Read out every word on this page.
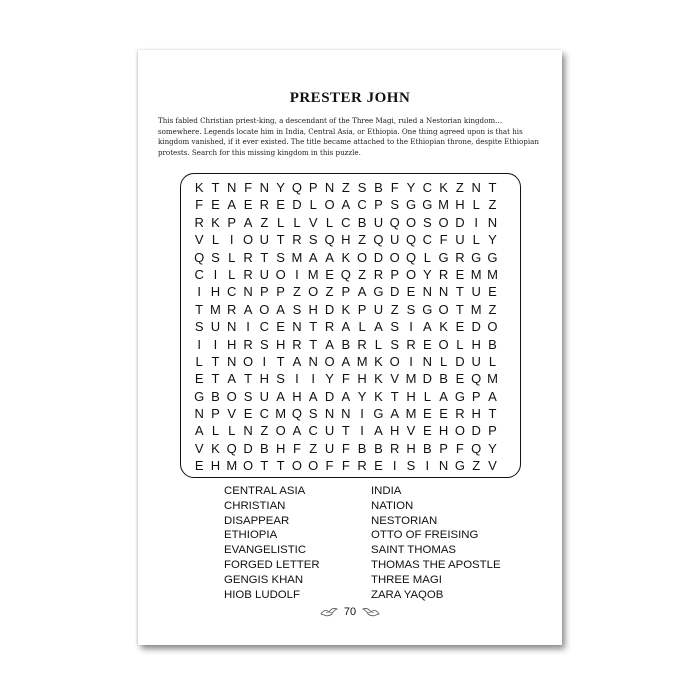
PRESTER JOHN
This fabled Christian priest-king, a descendant of the Three Magi, ruled a Nestorian kingdom… somewhere. Legends locate him in India, Central Asia, or Ethiopia. One thing agreed upon is that his kingdom vanished, if it ever existed. The title became attached to the Ethiopian throne, despite Ethiopian protests. Search for this missing kingdom in this puzzle.
K T N F N Y Q P N Z S B F Y C K Z N T
F E A E R E D L O A C P S G G M H L Z
R K P A Z L L V L C B U Q O S O D I N
V L I O U T R S Q H Z Q U Q C F U L Y
Q S L R T S M A A K O D O Q L G R G G
C I L R U O I M E Q Z R P O Y R E M M
I H C N P P Z O Z P A G D E N N T U E
T M R A O A S H D K P U Z S G O T M Z
S U N I C E N T R A L A S I A K E D O
I I H R S H R T A B R L S R E O L H B
L T N O I T A N O A M K O I N L D U L
E T A T H S I I Y F H K V M D B E Q M
G B O S U A H A D A Y K T H L A G P A
N P V E C M Q S N N I G A M E E R H T
A L L N Z O A C U T I A H V E H O D P
V K Q D B H F Z U F B B R H B P F Q Y
E H M O T T O O F F R E I S I N G Z V
CENTRAL ASIA
CHRISTIAN
DISAPPEAR
ETHIOPIA
EVANGELISTIC
FORGED LETTER
GENGIS KHAN
HIOB LUDOLF
INDIA
NATION
NESTORIAN
OTTO OF FREISING
SAINT THOMAS
THOMAS THE APOSTLE
THREE MAGI
ZARA YAQOB
70
